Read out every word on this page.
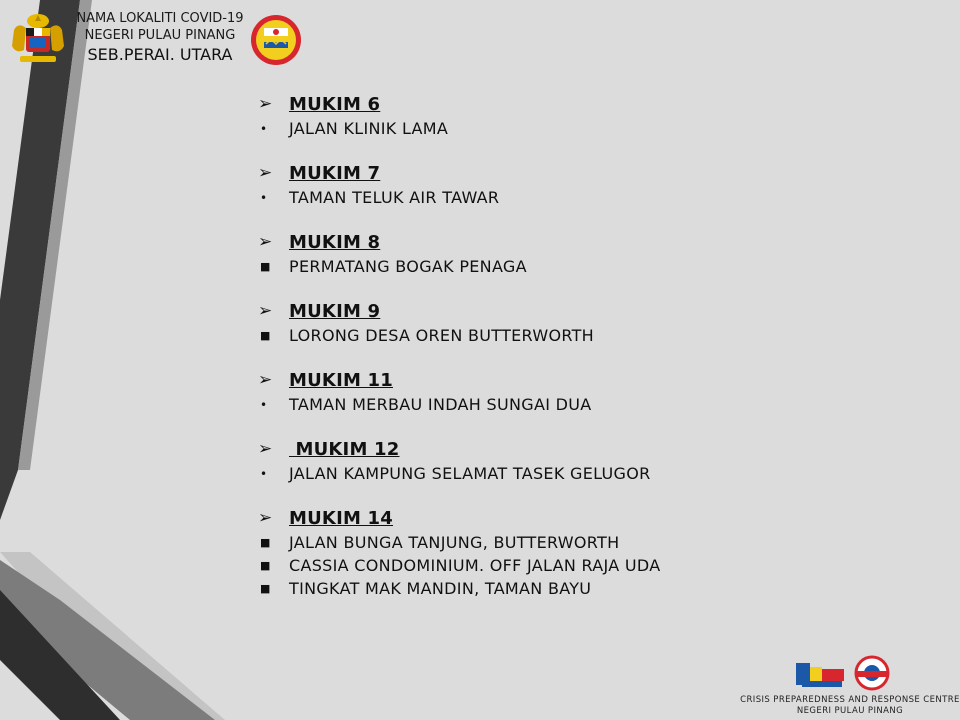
NAMA LOKALITI COVID-19
NEGERI PULAU PINANG
SEB.PERAI. UTARA
➢ MUKIM 6
•	JALAN KLINIK LAMA
➢ MUKIM 7
•	TAMAN TELUK AIR TAWAR
➢ MUKIM 8
■	PERMATANG BOGAK PENAGA
➢ MUKIM 9
■	LORONG DESA OREN BUTTERWORTH
➢ MUKIM 11
•	TAMAN MERBAU INDAH SUNGAI DUA
➢ MUKIM 12
•	JALAN KAMPUNG SELAMAT TASEK GELUGOR
➢ MUKIM 14
■	JALAN BUNGA TANJUNG, BUTTERWORTH
■	CASSIA CONDOMINIUM. OFF JALAN RAJA UDA
■	TINGKAT MAK MANDIN, TAMAN BAYU
CRISIS PREPAREDNESS AND RESPONSE CENTRE
NEGERI PULAU PINANG
